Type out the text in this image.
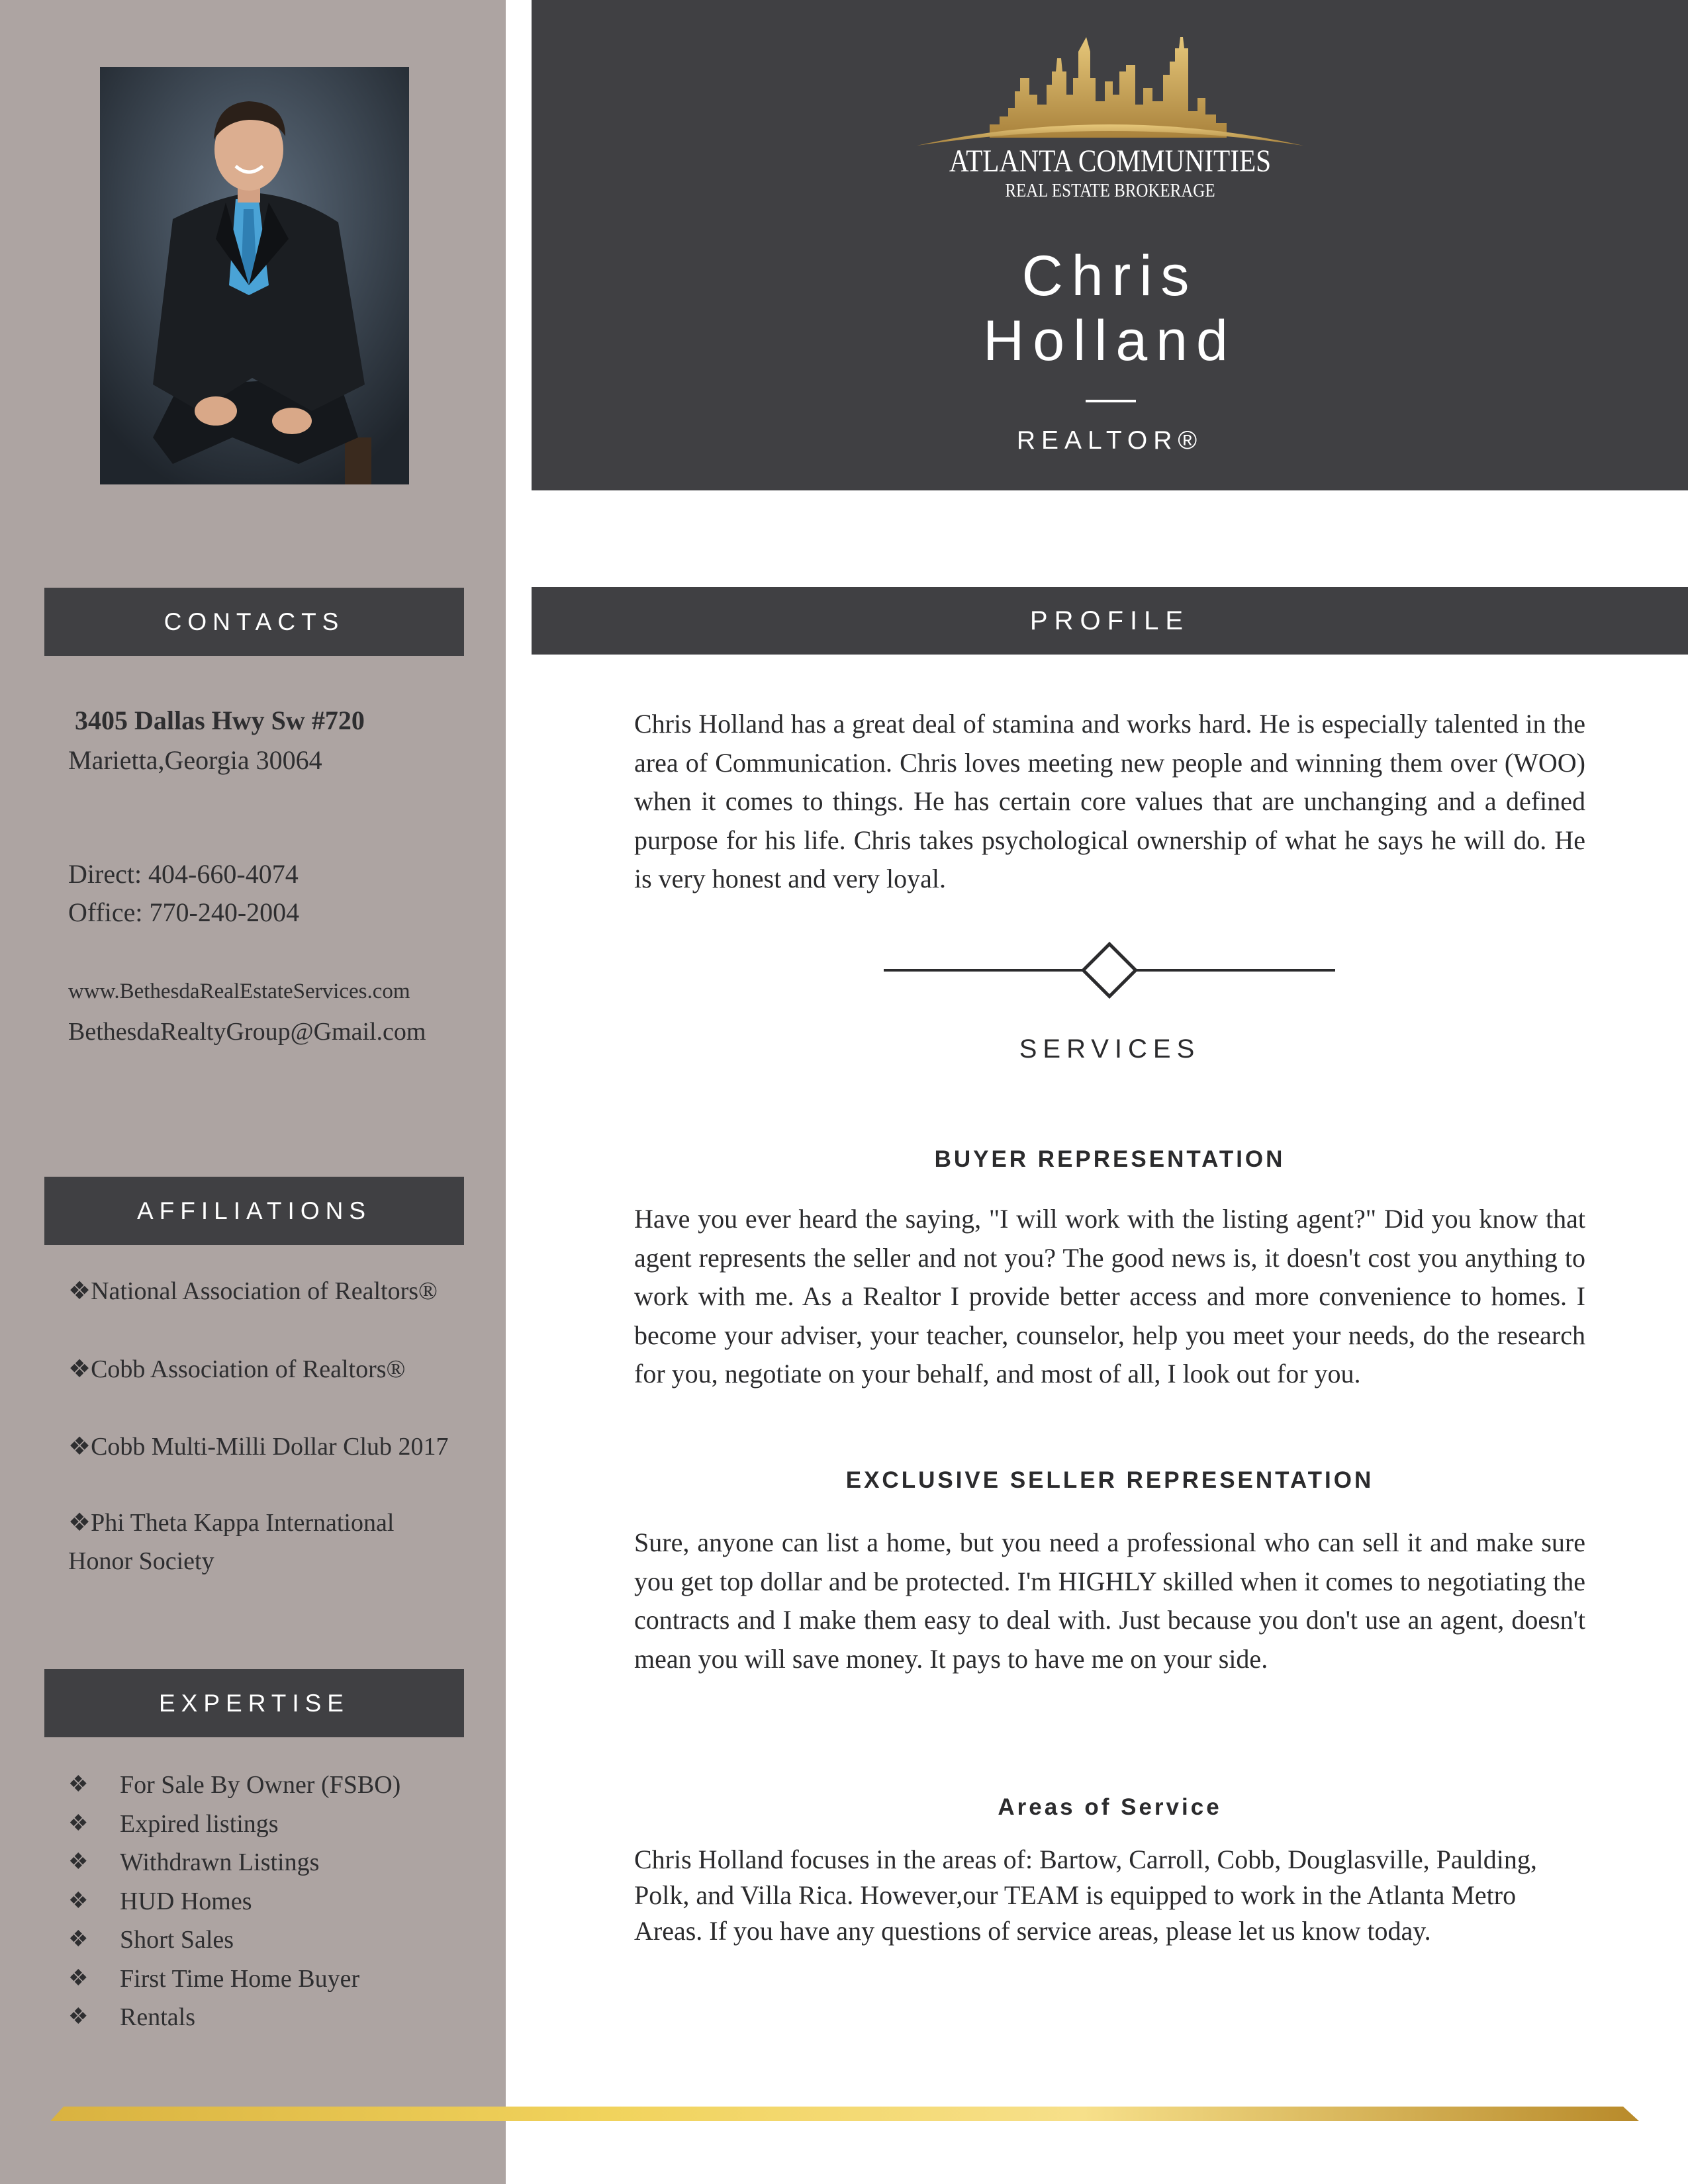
CONTACTS
3405 Dallas Hwy Sw #720
Marietta,Georgia 30064
Direct: 404-660-4074
Office: 770-240-2004
www.BethesdaRealEstateServices.com
BethesdaRealtyGroup@Gmail.com
AFFILIATIONS
❖National Association of Realtors®
❖Cobb Association of Realtors®
❖Cobb Multi-Milli Dollar Club 2017
❖Phi Theta Kappa International Honor Society
EXPERTISE
❖	For Sale By Owner (FSBO)
❖	Expired listings
❖	Withdrawn Listings
❖	HUD Homes
❖	Short Sales
❖	First Time Home Buyer
❖	Rentals
ATLANTA COMMUNITIES
REAL ESTATE BROKERAGE
Chris
Holland
REALTOR®
PROFILE

Chris Holland has a great deal of stamina and works hard. He is especially talented in the area of Communication. Chris loves meeting new people and winning them over (WOO) when it comes to things. He has certain core values that are unchanging and a defined purpose for his life. Chris takes psychological ownership of what he says he will do. He is very honest and very loyal.

SERVICES
BUYER REPRESENTATION

Have you ever heard the saying, "I will work with the listing agent?" Did you know that agent represents the seller and not you? The good news is, it doesn't cost you anything to work with me. As a Realtor I provide better access and more convenience to homes. I become your adviser, your teacher, counselor, help you meet your needs, do the research for you, negotiate on your behalf, and most of all, I look out for you.

EXCLUSIVE SELLER REPRESENTATION

Sure, anyone can list a home, but you need a professional who can sell it and make sure you get top dollar and be protected. I'm HIGHLY skilled when it comes to negotiating the contracts and I make them easy to deal with. Just because you don't use an agent, doesn't mean you will save money. It pays to have me on your side.

Areas of Service

Chris Holland focuses in the areas of: Bartow, Carroll, Cobb, Douglasville, Paulding, Polk, and Villa Rica. However,our TEAM is equipped to work in the Atlanta Metro Areas. If you have any questions of service areas, please let us know today.
